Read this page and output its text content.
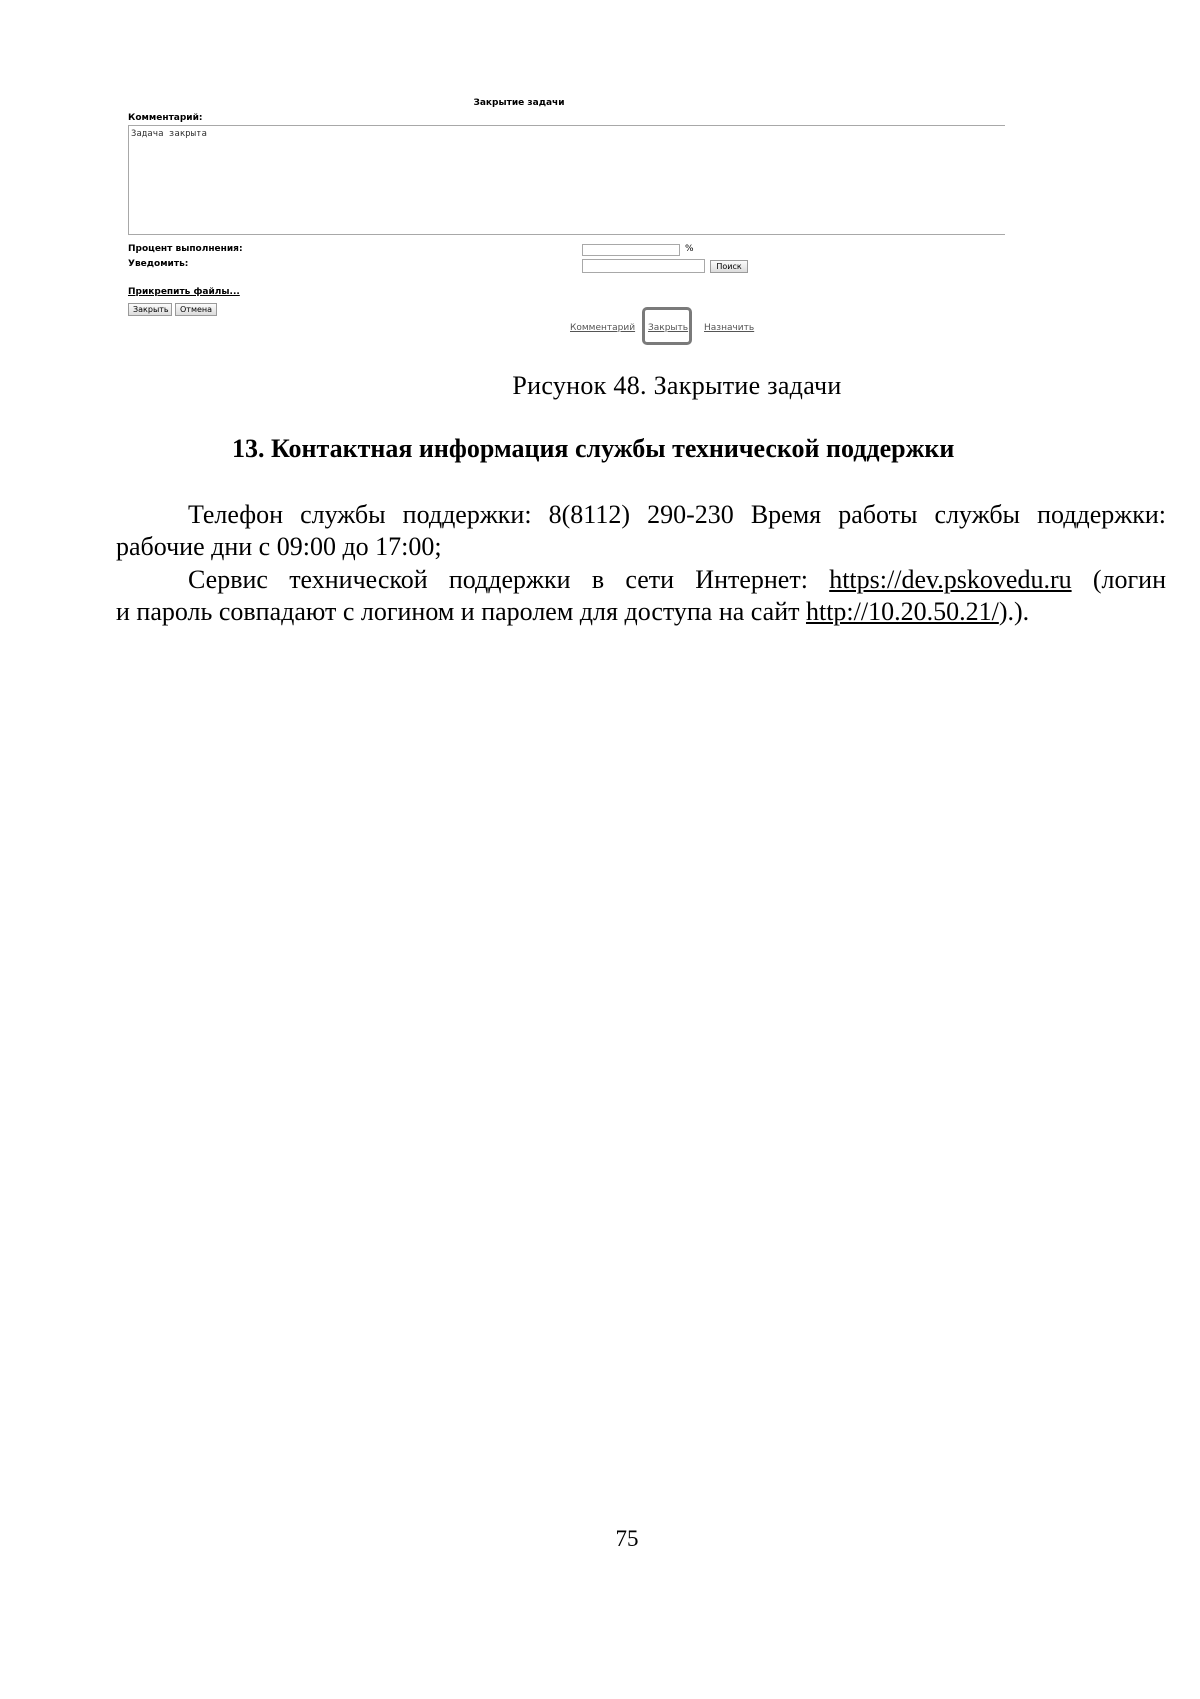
Закрытие задачи
Комментарий:
Задача закрыта
Процент выполнения:	%
Уведомить:	Поиск
Прикрепить файлы...
Закрыть	Отмена
Комментарий Закрыть Назначить
Рисунок 48. Закрытие задачи
13. Контактная информация службы технической поддержки
Телефон службы поддержки: 8(8112) 290-230 Время работы службы поддержки:
рабочие дни с 09:00 до 17:00;
Сервис технической поддержки в сети Интернет: https://dev.pskovedu.ru (логин
и пароль совпадают с логином и паролем для доступа на сайт http://10.20.50.21/).).
75
